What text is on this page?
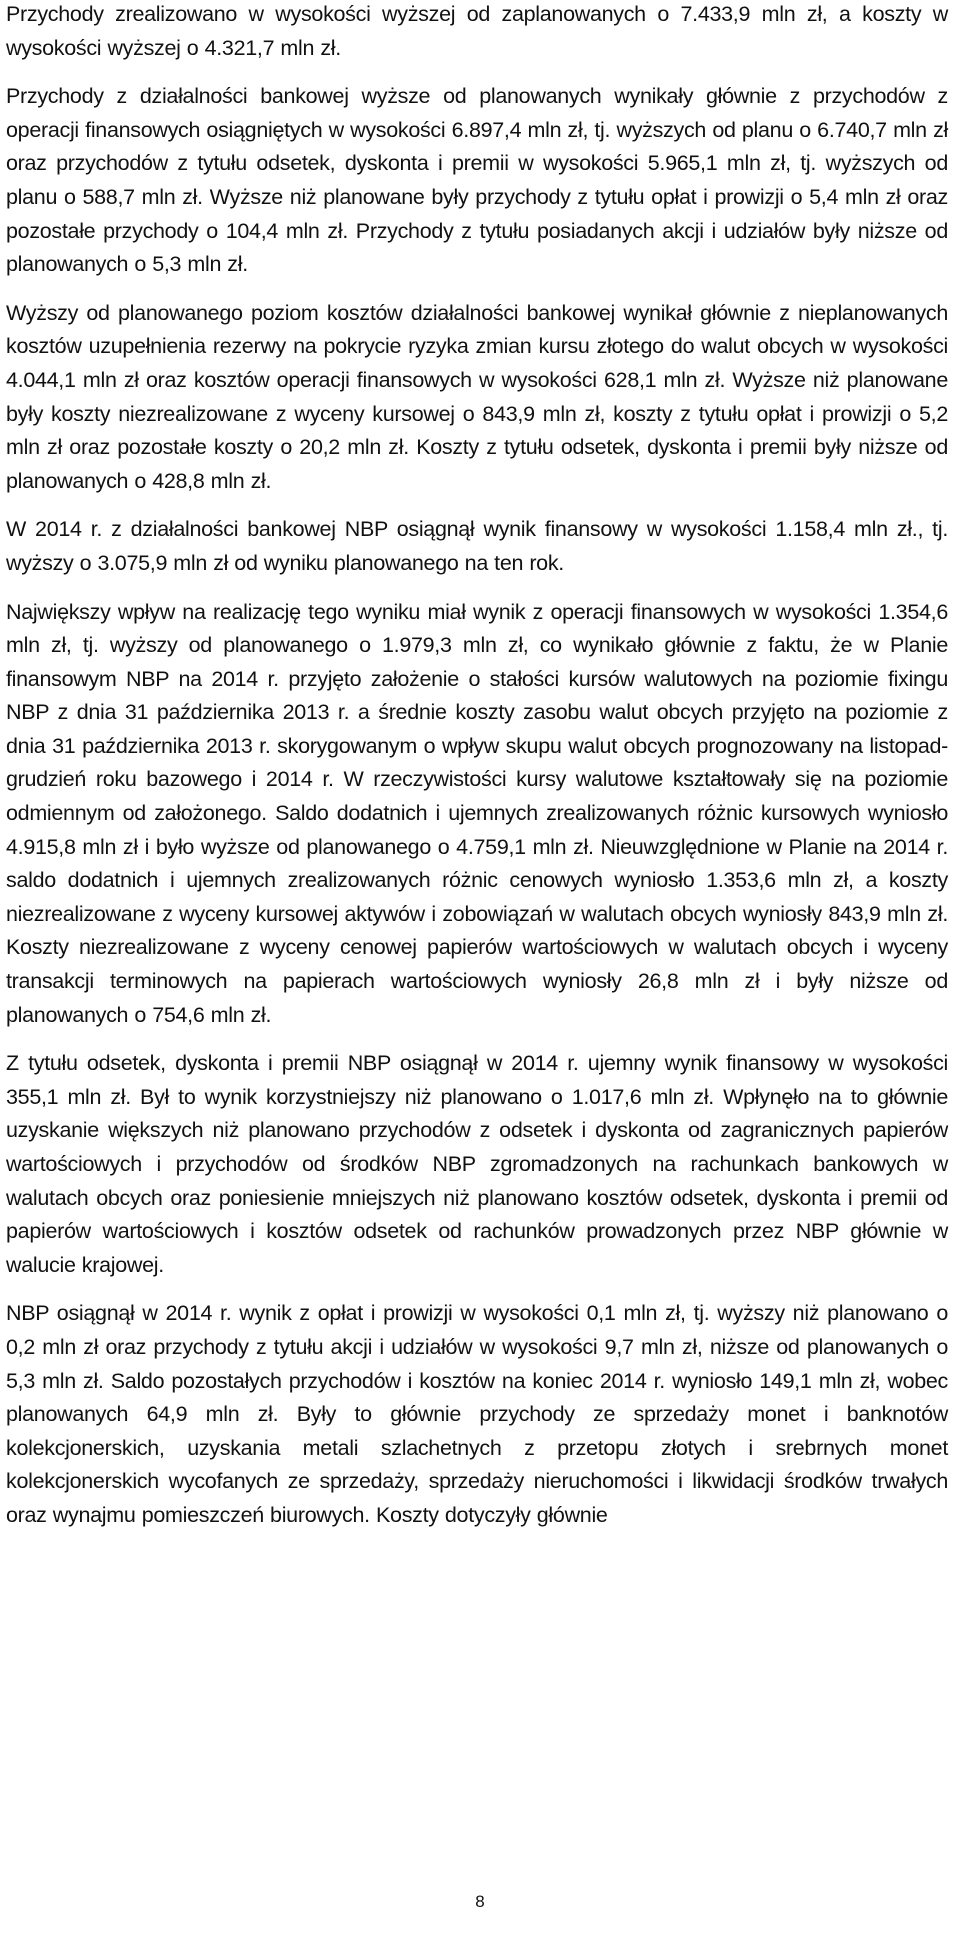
Przychody zrealizowano w wysokości wyższej od zaplanowanych o 7.433,9 mln zł, a koszty w wysokości wyższej o 4.321,7 mln zł.

Przychody z działalności bankowej wyższe od planowanych wynikały głównie z przychodów z operacji finansowych osiągniętych w wysokości 6.897,4 mln zł, tj. wyższych od planu o 6.740,7 mln zł oraz przychodów z tytułu odsetek, dyskonta i premii w wysokości 5.965,1 mln zł, tj. wyższych od planu o 588,7 mln zł. Wyższe niż planowane były przychody z tytułu opłat i prowizji o 5,4 mln zł oraz pozostałe przychody o 104,4 mln zł. Przychody z tytułu posiadanych akcji i udziałów były niższe od planowanych o 5,3 mln zł.

Wyższy od planowanego poziom kosztów działalności bankowej wynikał głównie z nieplanowanych kosztów uzupełnienia rezerwy na pokrycie ryzyka zmian kursu złotego do walut obcych w wysokości 4.044,1 mln zł oraz kosztów operacji finansowych w wysokości 628,1 mln zł. Wyższe niż planowane były koszty niezrealizowane z wyceny kursowej o 843,9 mln zł, koszty z tytułu opłat i prowizji o 5,2 mln zł oraz pozostałe koszty o 20,2 mln zł. Koszty z tytułu odsetek, dyskonta i premii były niższe od planowanych o 428,8 mln zł.

W 2014 r. z działalności bankowej NBP osiągnął wynik finansowy w wysokości 1.158,4 mln zł., tj. wyższy o 3.075,9 mln zł od wyniku planowanego na ten rok.

Największy wpływ na realizację tego wyniku miał wynik z operacji finansowych w wysokości 1.354,6 mln zł, tj. wyższy od planowanego o 1.979,3 mln zł, co wynikało głównie z faktu, że w Planie finansowym NBP na 2014 r. przyjęto założenie o stałości kursów walutowych na poziomie fixingu NBP z dnia 31 października 2013 r. a średnie koszty zasobu walut obcych przyjęto na poziomie z dnia 31 października 2013 r. skorygowanym o wpływ skupu walut obcych prognozowany na listopad-grudzień roku bazowego i 2014 r. W rzeczywistości kursy walutowe kształtowały się na poziomie odmiennym od założonego. Saldo dodatnich i ujemnych zrealizowanych różnic kursowych wyniosło 4.915,8 mln zł i było wyższe od planowanego o 4.759,1 mln zł. Nieuwzględnione w Planie na 2014 r. saldo dodatnich i ujemnych zrealizowanych różnic cenowych wyniosło 1.353,6 mln zł, a koszty niezrealizowane z wyceny kursowej aktywów i zobowiązań w walutach obcych wyniosły 843,9 mln zł. Koszty niezrealizowane z wyceny cenowej papierów wartościowych w walutach obcych i wyceny transakcji terminowych na papierach wartościowych wyniosły 26,8 mln zł i były niższe od planowanych o 754,6 mln zł.

Z tytułu odsetek, dyskonta i premii NBP osiągnął w 2014 r. ujemny wynik finansowy w wysokości 355,1 mln zł. Był to wynik korzystniejszy niż planowano o 1.017,6 mln zł. Wpłynęło na to głównie uzyskanie większych niż planowano przychodów z odsetek i dyskonta od zagranicznych papierów wartościowych i przychodów od środków NBP zgromadzonych na rachunkach bankowych w walutach obcych oraz poniesienie mniejszych niż planowano kosztów odsetek, dyskonta i premii od papierów wartościowych i kosztów odsetek od rachunków prowadzonych przez NBP głównie w walucie krajowej.

NBP osiągnął w 2014 r. wynik z opłat i prowizji w wysokości 0,1 mln zł, tj. wyższy niż planowano o 0,2 mln zł oraz przychody z tytułu akcji i udziałów w wysokości 9,7 mln zł, niższe od planowanych o 5,3 mln zł. Saldo pozostałych przychodów i kosztów na koniec 2014 r. wyniosło 149,1 mln zł, wobec planowanych 64,9 mln zł. Były to głównie przychody ze sprzedaży monet i banknotów kolekcjonerskich, uzyskania metali szlachetnych z przetopu złotych i srebrnych monet kolekcjonerskich wycofanych ze sprzedaży, sprzedaży nieruchomości i likwidacji środków trwałych oraz wynajmu pomieszczeń biurowych. Koszty dotyczyły głównie

8
